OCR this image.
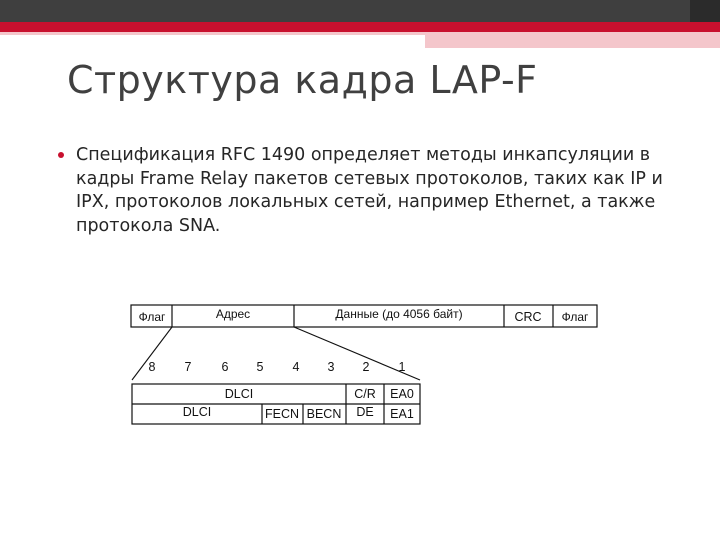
Структура кадра LAP-F
Спецификация RFC 1490 определяет методы инкапсуляции в кадры Frame Relay пакетов сетевых протоколов, таких как IP и IPX, протоколов локальных сетей, например Ethernet, а также протокола SNA.
Флаг	Адрес	Данные (до 4056 байт)	CRC Флаг
8 7 6 5 4 3 2 1
DLCI	C/R EA0
DLCI	FECN BECN DE EA1
